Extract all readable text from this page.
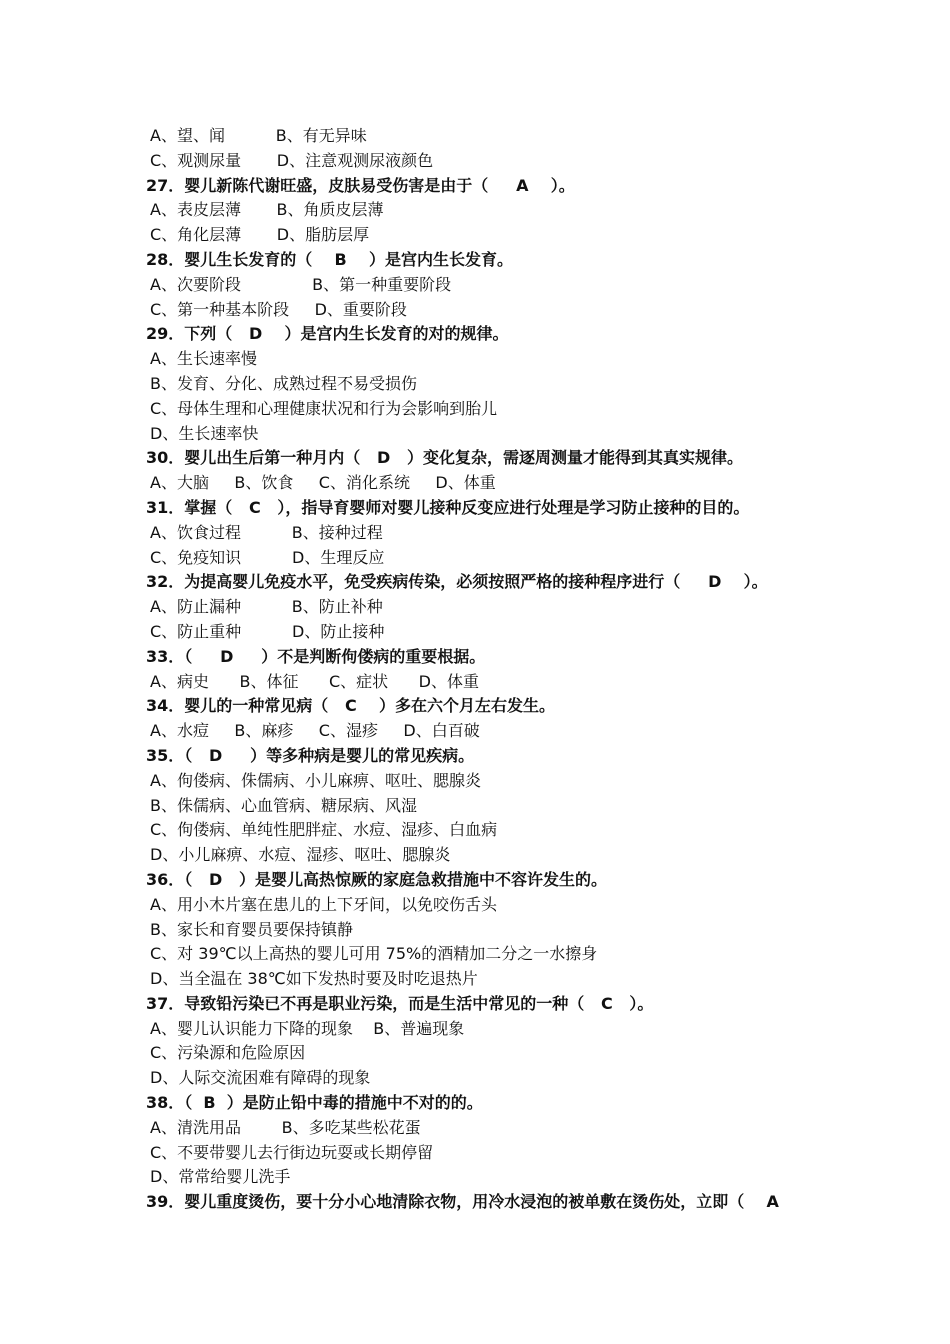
A、望、闻          B、有无异味
C、观测尿量       D、注意观测尿液颜色
27．婴儿新陈代谢旺盛，皮肤易受伤害是由于（     A    ）。
A、表皮层薄       B、角质皮层薄
C、角化层薄       D、脂肪层厚
28．婴儿生长发育的（    B    ）是宫内生长发育。
A、次要阶段              B、第一种重要阶段
C、第一种基本阶段     D、重要阶段
29．下列（   D    ）是宫内生长发育的对的规律。
A、生长速率慢
B、发育、分化、成熟过程不易受损伤
C、母体生理和心理健康状况和行为会影响到胎儿
D、生长速率快
30．婴儿出生后第一种月内（   D   ）变化复杂，需逐周测量才能得到其真实规律。
A、大脑     B、饮食     C、消化系统     D、体重
31．掌握（   C   ），指导育婴师对婴儿接种反变应进行处理是学习防止接种的目的。
A、饮食过程          B、接种过程
C、免疫知识          D、生理反应
32．为提高婴儿免疫水平，免受疾病传染，必须按照严格的接种程序进行（     D    ）。
A、防止漏种          B、防止补种
C、防止重种          D、防止接种
33．（     D     ）不是判断佝偻病的重要根据。
A、病史      B、体征      C、症状      D、体重
34．婴儿的一种常见病（   C    ）多在六个月左右发生。
A、水痘     B、麻疹     C、湿疹     D、白百破
35．（   D     ）等多种病是婴儿的常见疾病。
A、佝偻病、侏儒病、小儿麻痹、呕吐、腮腺炎
B、侏儒病、心血管病、糖尿病、风湿
C、佝偻病、单纯性肥胖症、水痘、湿疹、白血病
D、小儿麻痹、水痘、湿疹、呕吐、腮腺炎
36．（   D   ）是婴儿高热惊厥的家庭急救措施中不容许发生的。
A、用小木片塞在患儿的上下牙间，以免咬伤舌头
B、家长和育婴员要保持镇静
C、对 39℃以上高热的婴儿可用 75%的酒精加二分之一水擦身
D、当全温在 38℃如下发热时要及时吃退热片
37．导致铅污染已不再是职业污染，而是生活中常见的一种（   C   ）。
A、婴儿认识能力下降的现象    B、普遍现象
C、污染源和危险原因
D、人际交流困难有障碍的现象
38．（  B  ）是防止铅中毒的措施中不对的的。
A、清洗用品        B、多吃某些松花蛋
C、不要带婴儿去行街边玩耍或长期停留
D、常常给婴儿洗手
39．婴儿重度烫伤，要十分小心地清除衣物，用冷水浸泡的被单敷在烫伤处，立即（    A
